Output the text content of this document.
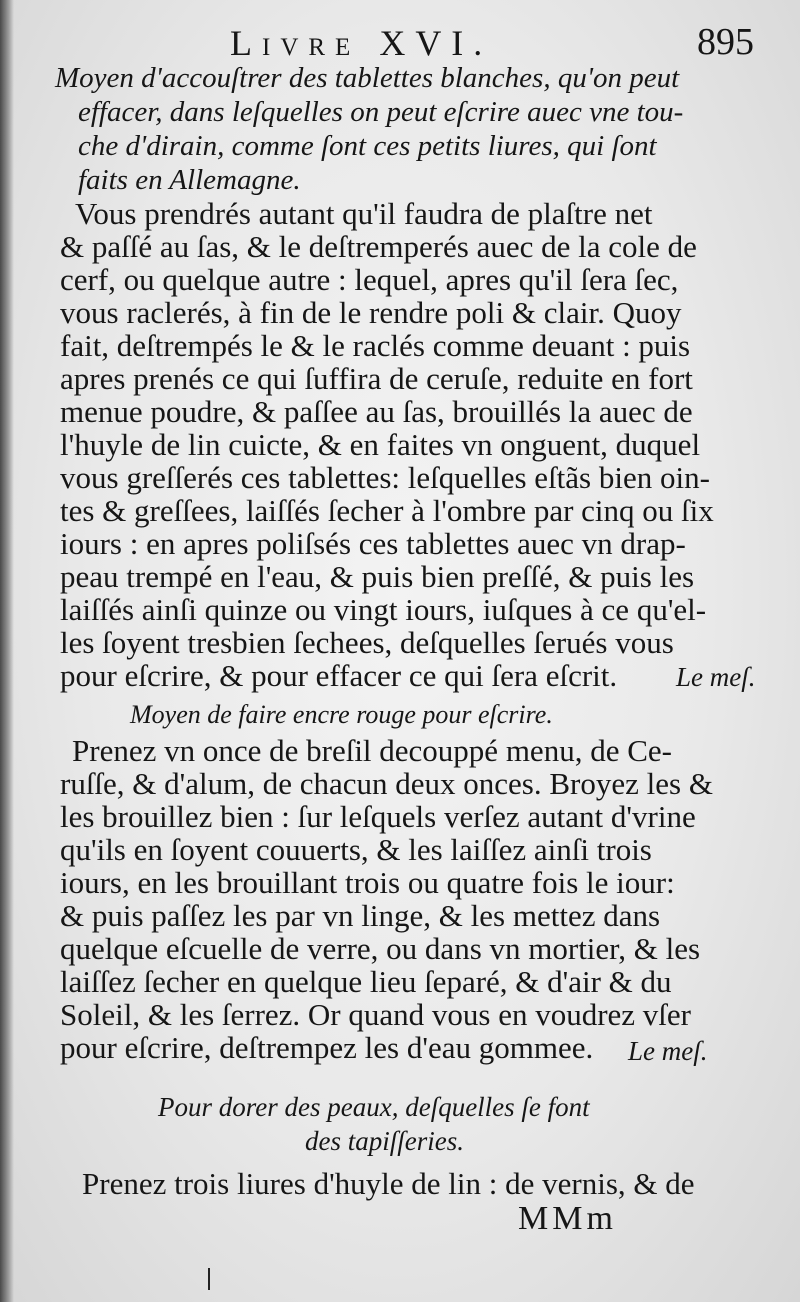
Livre XVI.	895
Moyen d'accouſtrer des tablettes blanches, qu'on peut
effacer, dans leſquelles on peut eſcrire auec vne tou-
che d'dirain, comme ſont ces petits liures, qui ſont
faits en Allemagne.
Vous prendrés autant qu'il faudra de plaſtre net
& paſſé au ſas, & le deſtremperés auec de la cole de
cerf, ou quelque autre : lequel, apres qu'il ſera ſec,
vous raclerés, à fin de le rendre poli & clair. Quoy
fait, deſtrempés le & le raclés comme deuant : puis
apres prenés ce qui ſuffira de ceruſe, reduite en fort
menue poudre, & paſſee au ſas, brouillés la auec de
l'huyle de lin cuicte, & en faites vn onguent, duquel
vous greſſerés ces tablettes: leſquelles eſtãs bien oin-
tes & greſſees, laiſſés ſecher à l'ombre par cinq ou ſix
iours : en apres poliſsés ces tablettes auec vn drap-
peau trempé en l'eau, & puis bien preſſé, & puis les
laiſſés ainſi quinze ou vingt iours, iuſques à ce qu'el-
les ſoyent tresbien ſechees, deſquelles ſerués vous
pour eſcrire, & pour effacer ce qui ſera eſcrit. Le meſ.
Moyen de faire encre rouge pour eſcrire.
Prenez vn once de breſil decouppé menu, de Ce-
ruſſe, & d'alum, de chacun deux onces. Broyez les &
les brouillez bien : ſur leſquels verſez autant d'vrine
qu'ils en ſoyent couuerts, & les laiſſez ainſi trois
iours, en les brouillant trois ou quatre fois le iour:
& puis paſſez les par vn linge, & les mettez dans
quelque eſcuelle de verre, ou dans vn mortier, & les
laiſſez ſecher en quelque lieu ſeparé, & d'air & du
Soleil, & les ſerrez. Or quand vous en voudrez vſer
pour eſcrire, deſtrempez les d'eau gommee. Le meſ.
Pour dorer des peaux, deſquelles ſe font
des tapiſſeries.
Prenez trois liures d'huyle de lin : de vernis, & de
MMm
